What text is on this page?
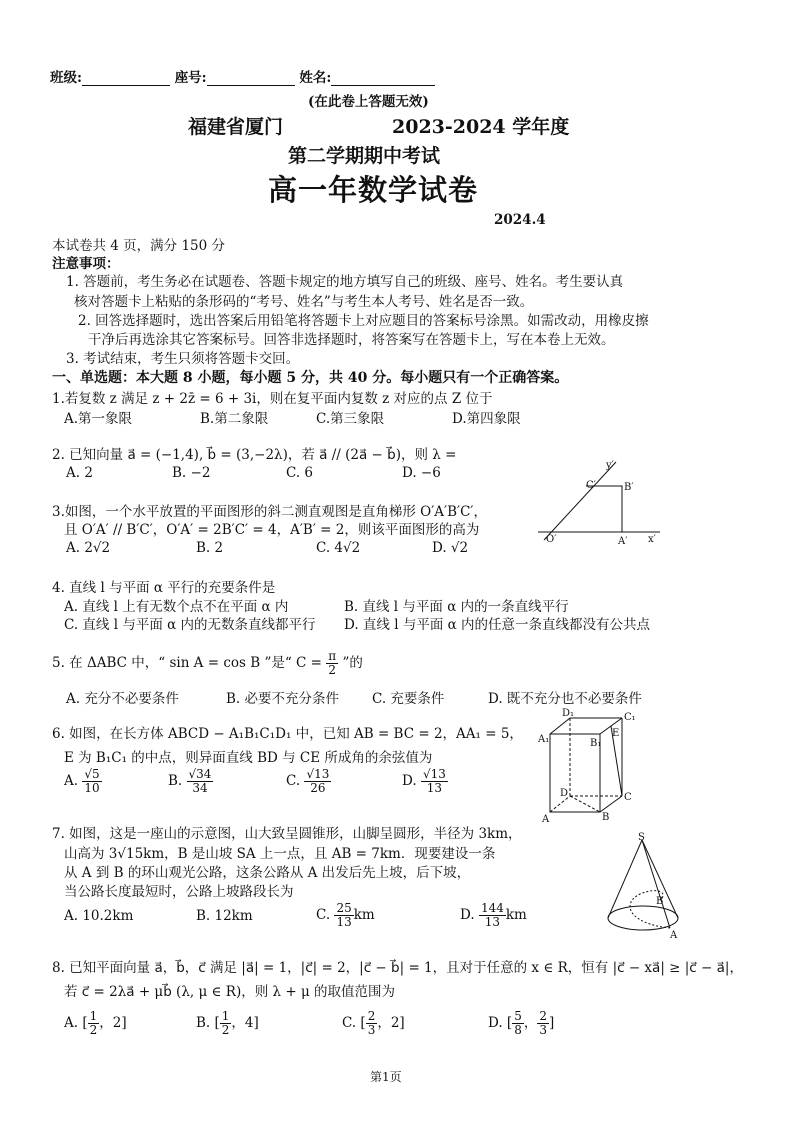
班级:	座号:	姓名:
(在此卷上答题无效)
福建省厦门	2023-2024 学年度
第二学期期中考试
高一年数学试卷
2024.4
本试卷共 4 页，满分 150 分
注意事项：
1. 答题前，考生务必在试题卷、答题卡规定的地方填写自己的班级、座号、姓名。考生要认真
核对答题卡上粘贴的条形码的“考号、姓名”与考生本人考号、姓名是否一致。
2. 回答选择题时，选出答案后用铅笔将答题卡上对应题目的答案标号涂黑。如需改动，用橡皮擦
干净后再选涂其它答案标号。回答非选择题时，将答案写在答题卡上，写在本卷上无效。
3. 考试结束，考生只须将答题卡交回。
一、单选题：本大题 8 小题，每小题 5 分，共 40 分。每小题只有一个正确答案。
1.若复数 z 满足 z + 2z̄ = 6 + 3i，则在复平面内复数 z 对应的点 Z 位于
A.第一象限	B.第二象限	C.第三象限	D.第四象限
2. 已知向量 a⃗ = (−1,4), b⃗ = (3,−2λ)，若 a⃗ // (2a⃗ − b⃗)，则 λ =
A. 2	B. −2	C. 6	D. −6
3.如图，一个水平放置的平面图形的斜二测直观图是直角梯形 O′A′B′C′，
且 O′A′ // B′C′，O′A′ = 2B′C′ = 4，A′B′ = 2，则该平面图形的高为
A. 2√2	B. 2	C. 4√2	D. √2
x′
y′
O′	A′
B′
C′
4. 直线 l 与平面 α 平行的充要条件是
A. 直线 l 上有无数个点不在平面 α 内	B. 直线 l 与平面 α 内的一条直线平行
C. 直线 l 与平面 α 内的无数条直线都平行 D. 直线 l 与平面 α 内的任意一条直线都没有公共点
5. 在 ΔABC 中，“ sin A = cos B ”是“ $C = \frac{\pi}{2}$ ”的
A. 充分不必要条件	B. 必要不充分条件 C. 充要条件	D. 既不充分也不必要条件
6. 如图，在长方体 ABCD − A₁B₁C₁D₁ 中，已知 AB = BC = 2，AA₁ = 5，
E 为 B₁C₁ 的中点，则异面直线 BD 与 CE 所成角的余弦值为
A. $\frac{√5}{10}$	B. $\frac{√34}{34}$	C. $\frac{√13}{26}$	D. $\frac{√13}{13}$
D₁	C₁
A₁	B₁
E
D	C
A	B
7. 如图，这是一座山的示意图，山大致呈圆锥形，山脚呈圆形，半径为 3km，
山高为 3√15km，B 是山坡 SA 上一点，且 AB = 7km．现要建设一条
从 A 到 B 的环山观光公路，这条公路从 A 出发后先上坡，后下坡，
当公路长度最短时，公路上坡路段长为
A. 10.2km	B. 12km	C. $\frac{25}{13}$ km	D. $\frac{144}{13}$ km
S
B
A
8. 已知平面向量 a⃗，b⃗，c⃗ 满足 |a⃗| = 1，|c⃗| = 2，|c⃗ − b⃗| = 1，且对于任意的 x ∈ R，恒有 |c⃗ − xa⃗| ≥ |c⃗ − a⃗|，
若 c⃗ = 2λa⃗ + μb⃗ (λ, μ ∈ R)，则 λ + μ 的取值范围为
A. [ $\frac{1}{2}$ ，2]	B. [ $\frac{1}{2}$ ，4]	C. [ $\frac{2}{3}$ ，2]	D. [ $\frac{5}{8}$ ， $\frac{2}{3}$ ]
第1页
